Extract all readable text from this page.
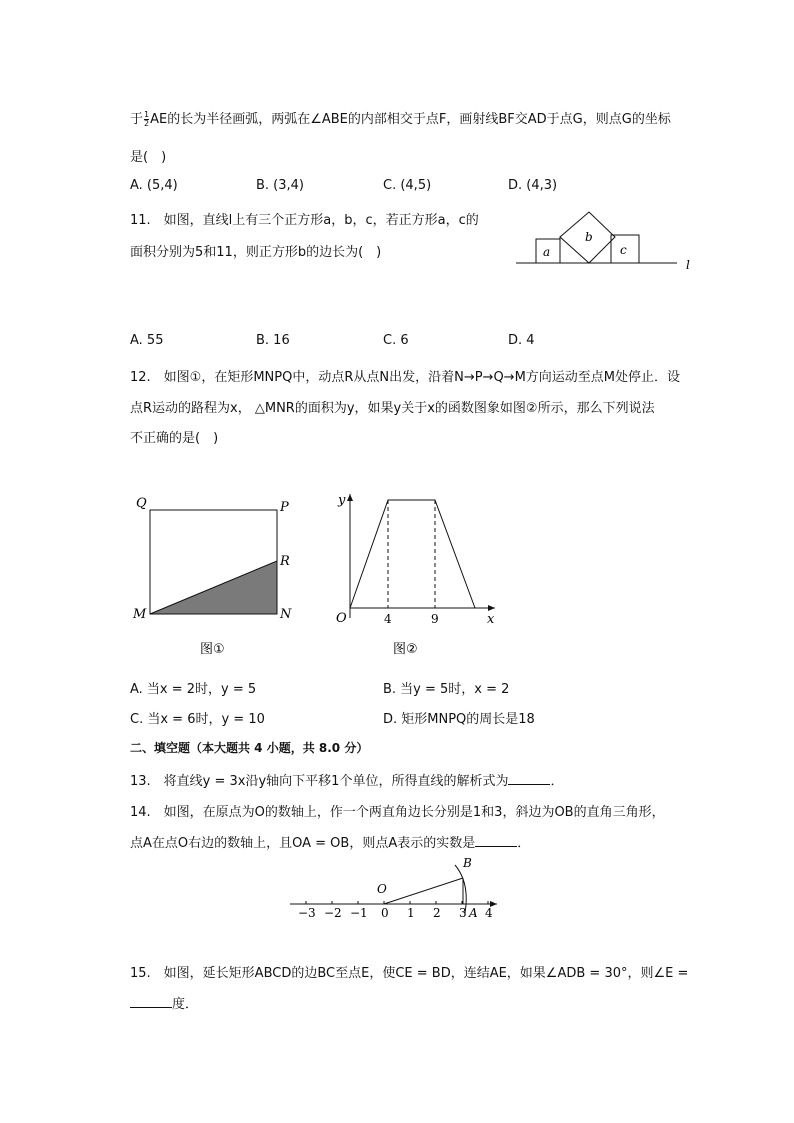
于 $\frac{1}{2}$ AE的长为半径画弧，两弧在∠ABE的内部相交于点F，画射线BF交AD于点G，则点G的坐标
是(　)
A. (5,4)	B. (3,4)	C. (4,5)	D. (4,3)
11.　如图，直线l上有三个正方形a，b，c，若正方形a，c的
面积分别为5和11，则正方形b的边长为(　)	a
b
c
l
A. 55	B. 16	C. 6	D. 4
12.　如图①，在矩形MNPQ中，动点R从点N出发，沿着N→P→Q→M方向运动至点M处停止．设
点R运动的路程为x， △MNR的面积为y，如果y关于x的函数图象如图②所示，那么下列说法
不正确的是(　)
Q	P
R
M	N
图①
y
x
O	4	9
图②
A. 当x = 2时，y = 5	B. 当y = 5时，x = 2
C. 当x = 6时，y = 10	D. 矩形MNPQ的周长是18
二、填空题（本大题共 4 小题，共 8.0 分）
13.　将直线y = 3x沿y轴向下平移1个单位，所得直线的解析式为	．
14.　如图，在原点为O的数轴上，作一个两直角边长分别是1和3，斜边为OB的直角三角形，
点A在点O右边的数轴上，且OA = OB，则点A表示的实数是	．
−3 −2 −1 0 1 2 3 4
B
O
A
15.　如图，延长矩形ABCD的边BC至点E，使CE = BD，连结AE，如果∠ADB = 30°，则∠E =
度．
